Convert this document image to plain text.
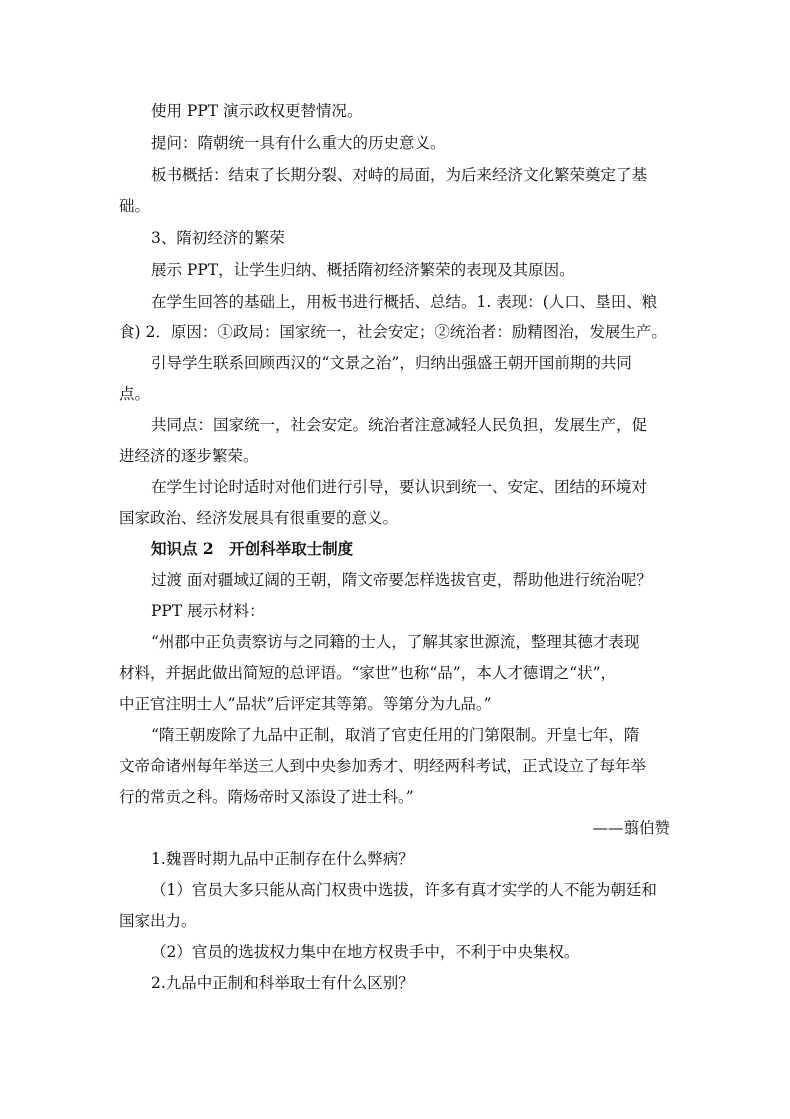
使用 PPT 演示政权更替情况。
提问：隋朝统一具有什么重大的历史意义。
板书概括：结束了长期分裂、对峙的局面，为后来经济文化繁荣奠定了基
础。
3、隋初经济的繁荣
展示 PPT，让学生归纳、概括隋初经济繁荣的表现及其原因。
在学生回答的基础上，用板书进行概括、总结。1. 表现：(人口、垦田、粮
食) 2．原因：①政局：国家统一，社会安定；②统治者：励精图治，发展生产。
引导学生联系回顾西汉的“文景之治”，归纳出强盛王朝开国前期的共同
点。
共同点：国家统一，社会安定。统治者注意减轻人民负担，发展生产，促
进经济的逐步繁荣。
在学生讨论时适时对他们进行引导，要认识到统一、安定、团结的环境对
国家政治、经济发展具有很重要的意义。
知识点 2　开创科举取士制度
过渡 面对疆域辽阔的王朝，隋文帝要怎样选拔官吏，帮助他进行统治呢？
PPT 展示材料：
“州郡中正负责察访与之同籍的士人，了解其家世源流，整理其德才表现
材料，并据此做出简短的总评语。“家世”也称“品”，本人才德谓之“状”，
中正官注明士人“品状”后评定其等第。等第分为九品。”
“隋王朝废除了九品中正制，取消了官吏任用的门第限制。开皇七年，隋
文帝命诸州每年举送三人到中央参加秀才、明经两科考试，正式设立了每年举
行的常贡之科。隋炀帝时又添设了进士科。”
——翦伯赞
1.魏晋时期九品中正制存在什么弊病？
（1）官员大多只能从高门权贵中选拔，许多有真才实学的人不能为朝廷和
国家出力。
（2）官员的选拔权力集中在地方权贵手中，不利于中央集权。
2.九品中正制和科举取士有什么区别？
